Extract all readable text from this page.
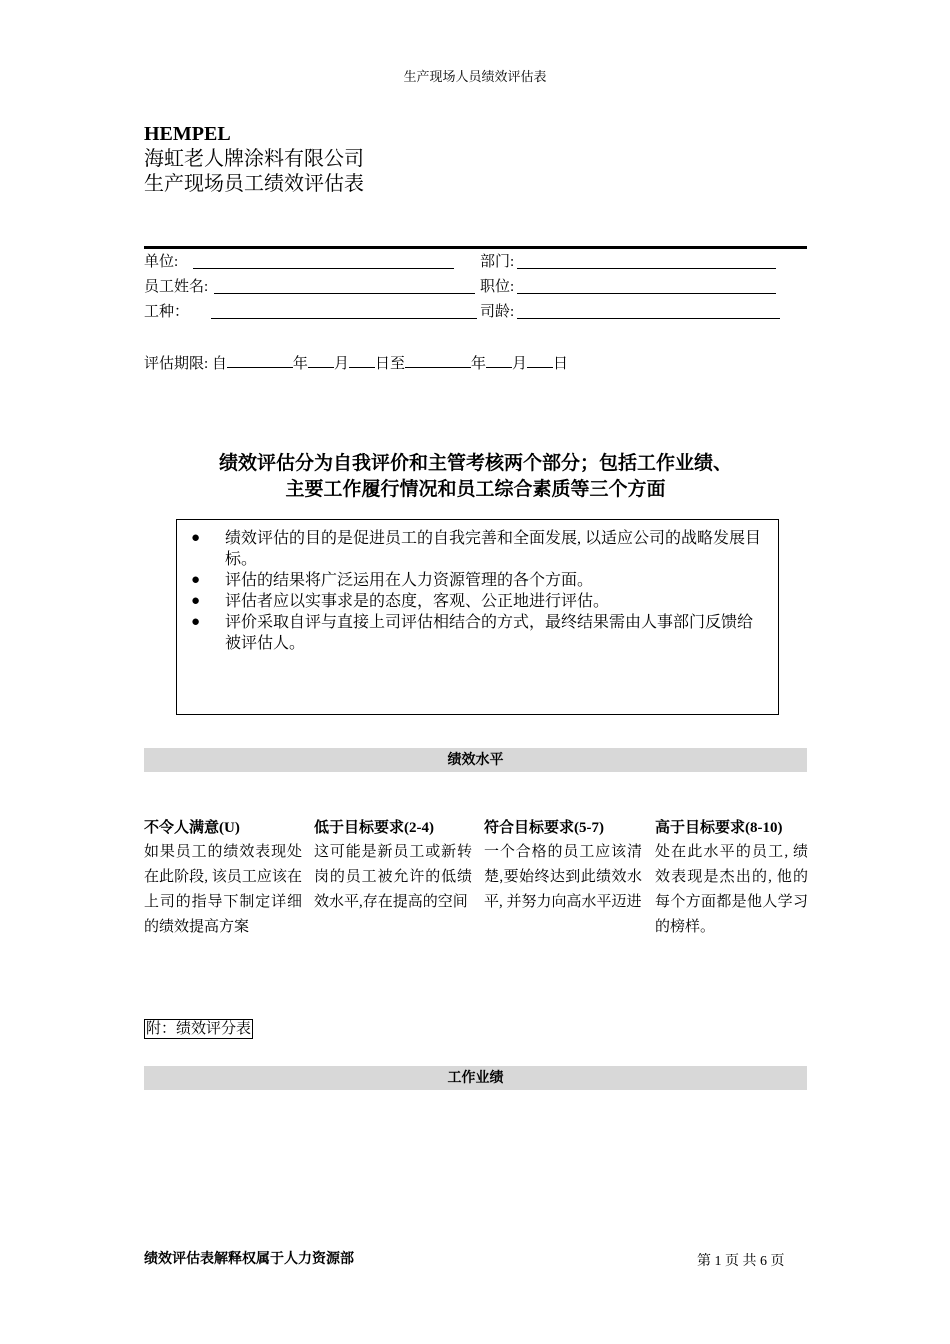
生产现场人员绩效评估表
HEMPEL
海虹老人牌涂料有限公司
生产现场员工绩效评估表
单位:	部门:
员工姓名:	职位:
工种：	司龄:
评估期限: 自	年 月 日至	年 月 日
绩效评估分为自我评价和主管考核两个部分；包括工作业绩、
主要工作履行情况和员工综合素质等三个方面
● 绩效评估的目的是促进员工的自我完善和全面发展, 以适应公司的战略发展目标。
● 评估的结果将广泛运用在人力资源管理的各个方面。
● 评估者应以实事求是的态度，客观、公正地进行评估。
● 评价采取自评与直接上司评估相结合的方式，最终结果需由人事部门反馈给被评估人。
绩效水平
不令人满意(U)
如果员工的绩效表现处在此阶段, 该员工应该在上司的指导下制定详细的绩效提高方案
低于目标要求(2-4)
这可能是新员工或新转岗的员工被允许的低绩效水平,存在提高的空间
符合目标要求(5-7)
一个合格的员工应该清楚,要始终达到此绩效水平, 并努力向高水平迈进
高于目标要求(8-10)
处在此水平的员工, 绩效表现是杰出的, 他的每个方面都是他人学习的榜样。
附：绩效评分表
工作业绩
绩效评估表解释权属于人力资源部	第 1 页 共 6 页
